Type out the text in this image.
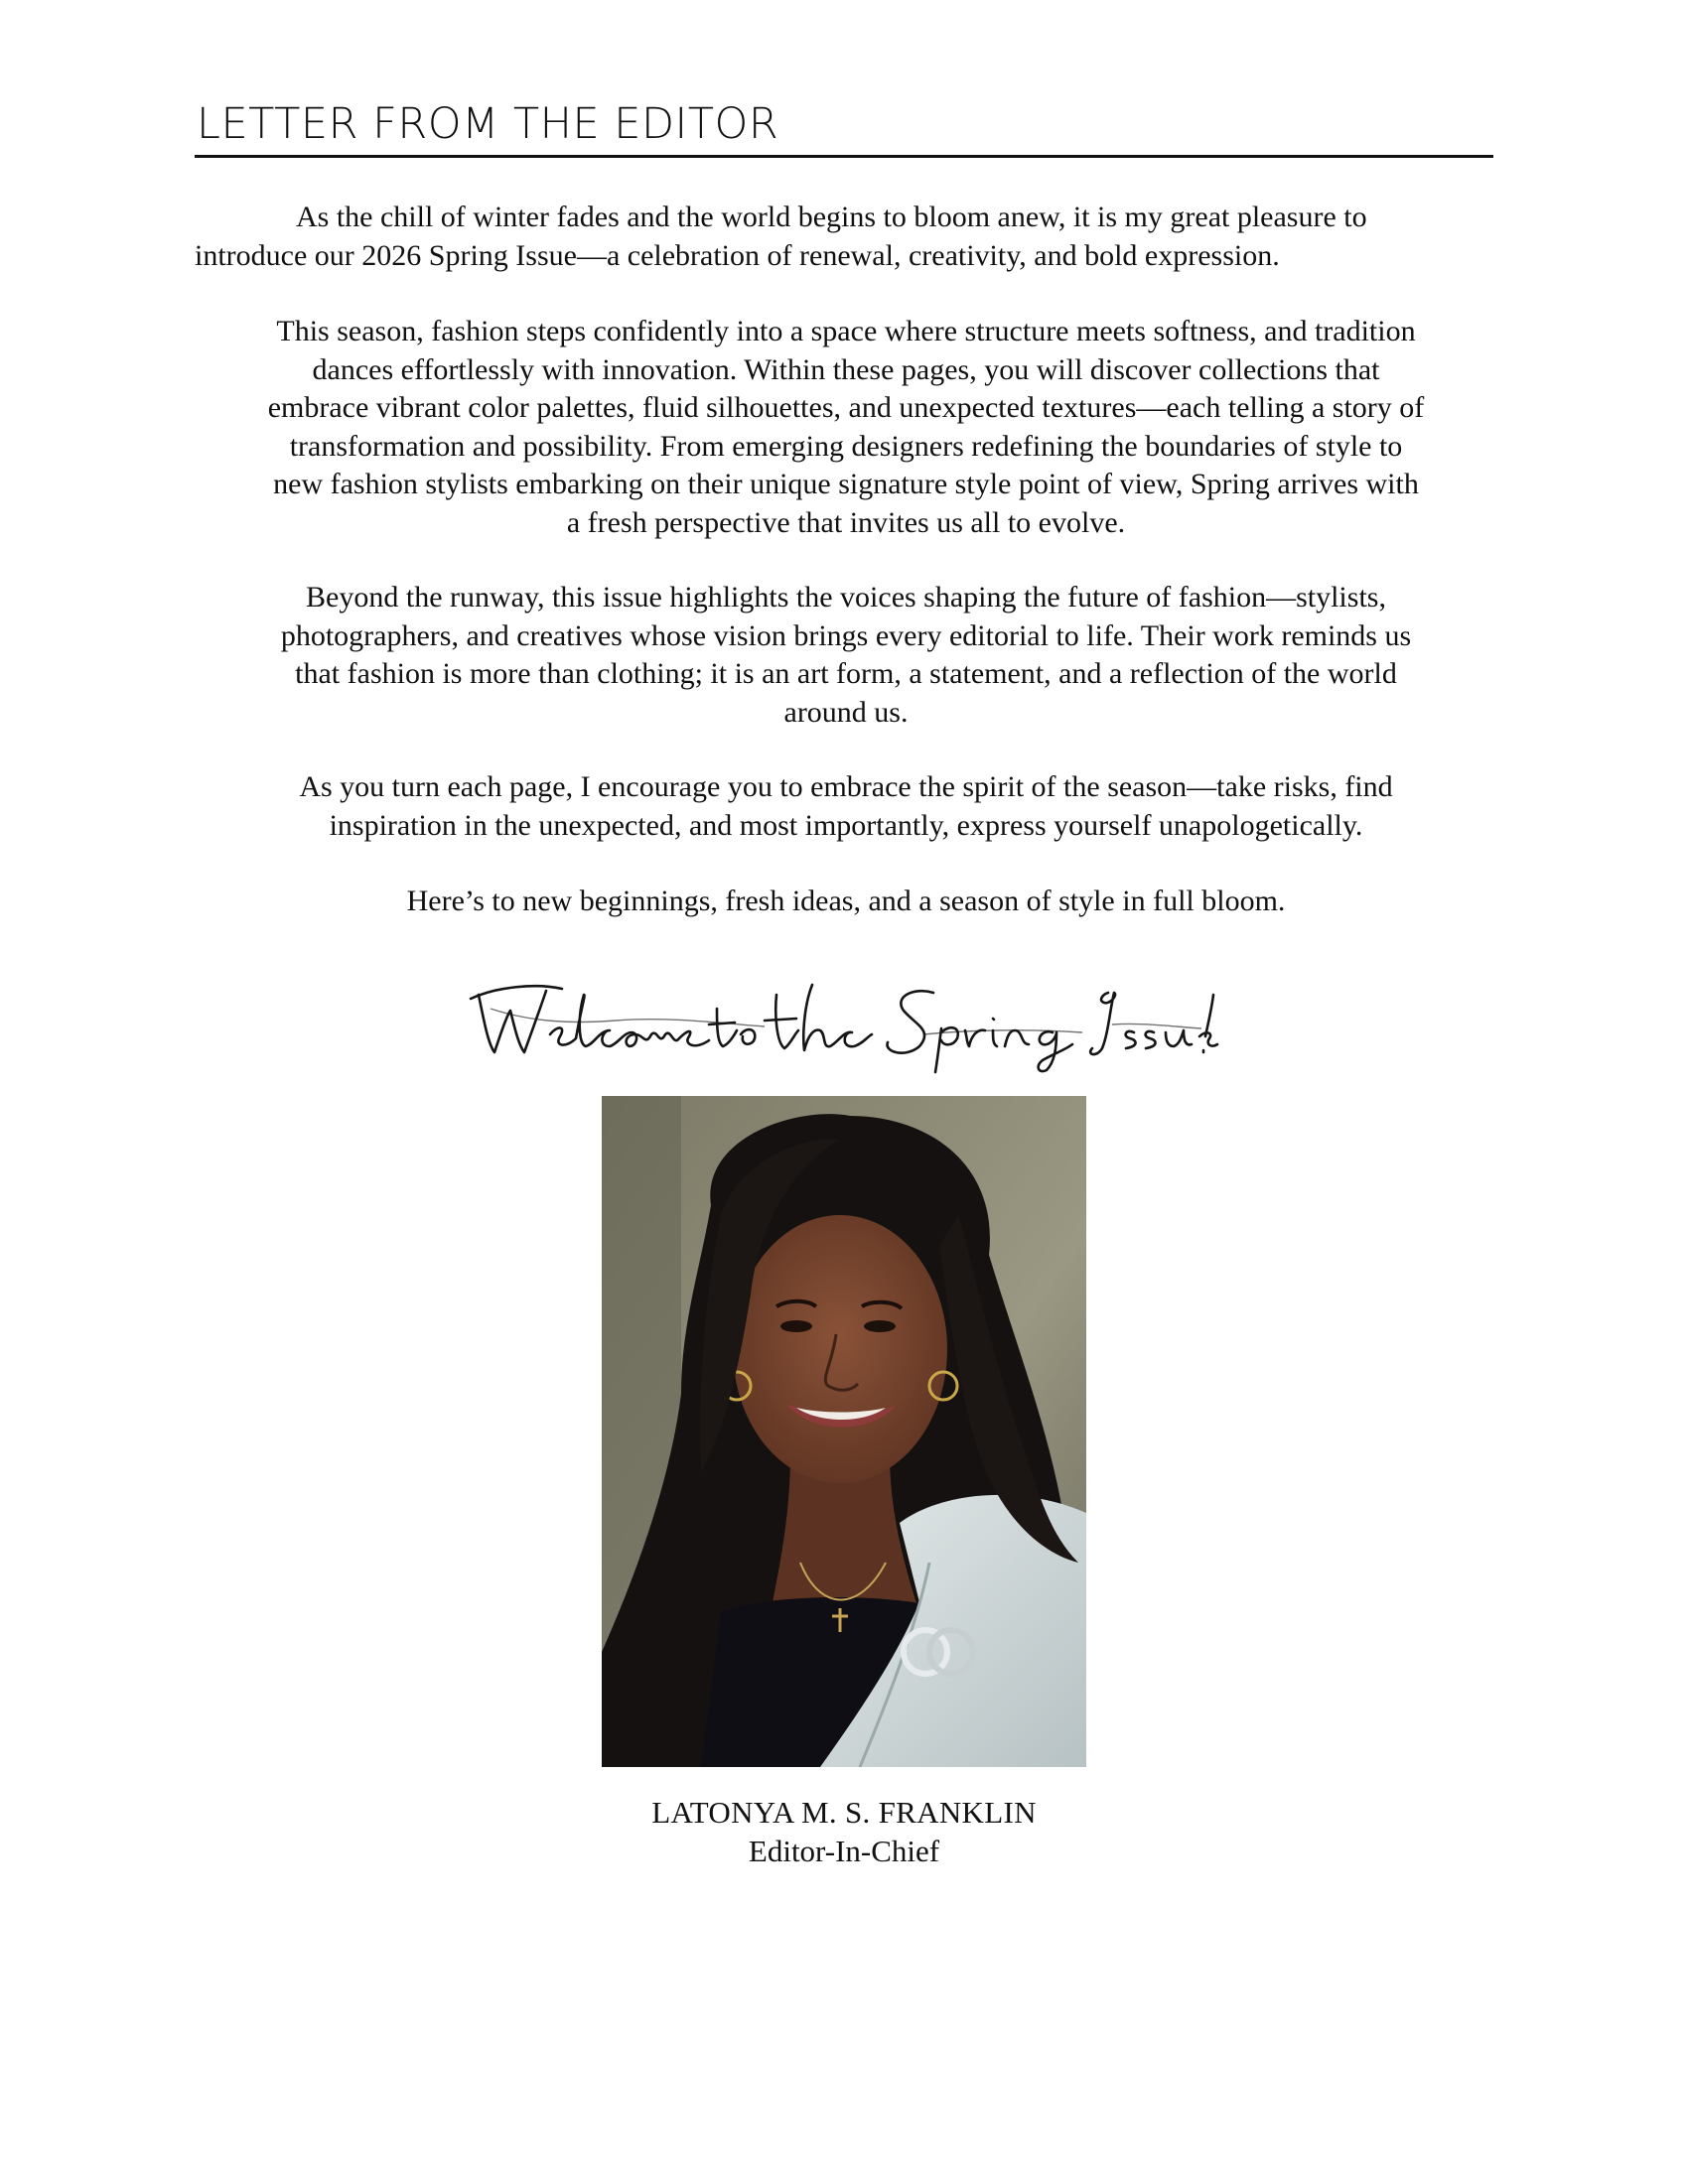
LETTER FROM THE EDITOR
As the chill of winter fades and the world begins to bloom anew, it is my great pleasure to
introduce our 2026 Spring Issue—a celebration of renewal, creativity, and bold expression.
This season, fashion steps confidently into a space where structure meets softness, and tradition
dances effortlessly with innovation. Within these pages, you will discover collections that
embrace vibrant color palettes, fluid silhouettes, and unexpected textures—each telling a story of
transformation and possibility. From emerging designers redefining the boundaries of style to
new fashion stylists embarking on their unique signature style point of view, Spring arrives with
a fresh perspective that invites us all to evolve.
Beyond the runway, this issue highlights the voices shaping the future of fashion—stylists,
photographers, and creatives whose vision brings every editorial to life. Their work reminds us
that fashion is more than clothing; it is an art form, a statement, and a reflection of the world
around us.
As you turn each page, I encourage you to embrace the spirit of the season—take risks, find
inspiration in the unexpected, and most importantly, express yourself unapologetically.
Here’s to new beginnings, fresh ideas, and a season of style in full bloom.
LATONYA M. S. FRANKLIN
Editor-In-Chief
